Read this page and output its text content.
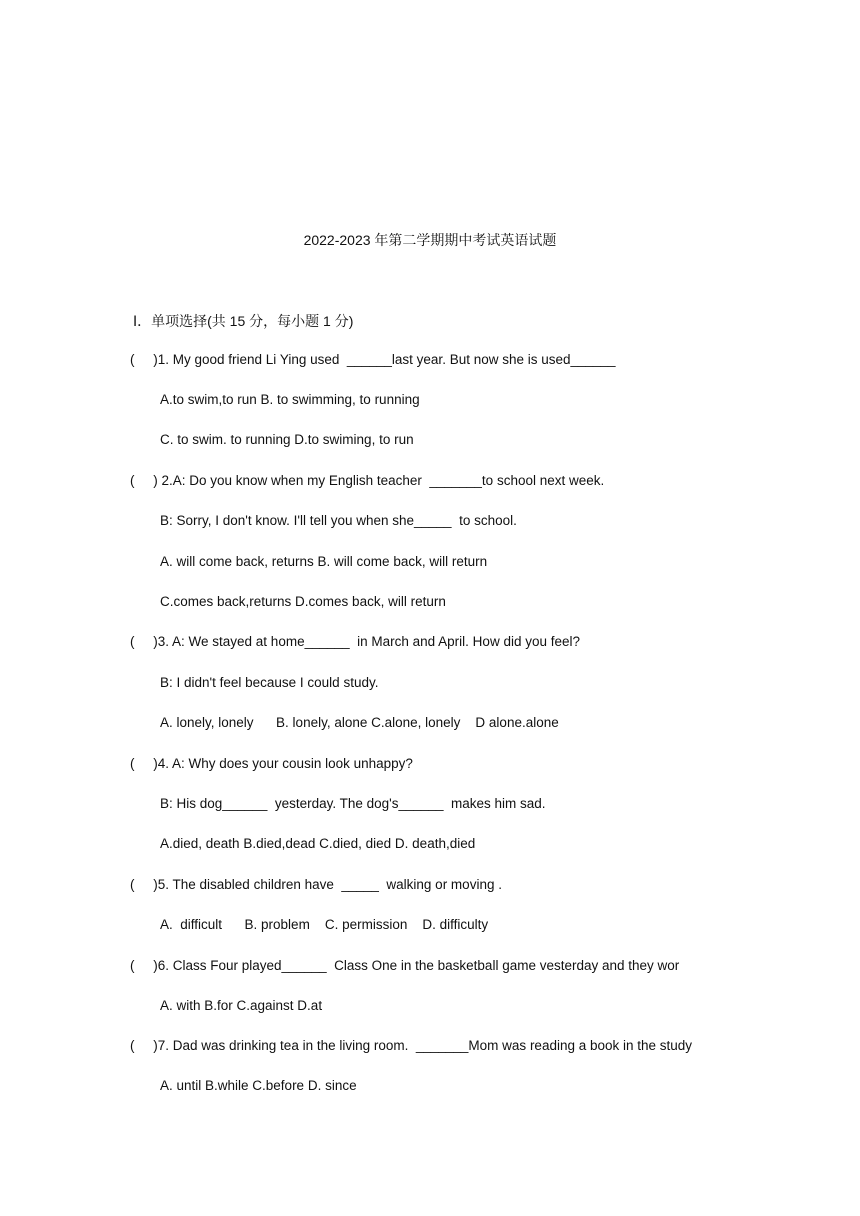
2022-2023 年第二学期期中考试英语试题
Ⅰ．单项选择(共 15 分，每小题 1 分)
(     )1. My good friend Li Ying used  ______last year. But now she is used______
A.to swim,to run B. to swimming, to running
C. to swim. to running D.to swiming, to run
(     ) 2.A: Do you know when my English teacher  _______to school next week.
B: Sorry, I don't know. I'll tell you when she_____  to school.
A. will come back, returns B. will come back, will return
C.comes back,returns D.comes back, will return
(     )3. A: We stayed at home______  in March and April. How did you feel?
B: I didn't feel because I could study.
A. lonely, lonely      B. lonely, alone C.alone, lonely    D alone.alone
(     )4. A: Why does your cousin look unhappy?
B: His dog______  yesterday. The dog's______  makes him sad.
A.died, death B.died,dead C.died, died D. death,died
(     )5. The disabled children have  _____  walking or moving .
A.  difficult      B. problem    C. permission    D. difficulty
(     )6. Class Four played______  Class One in the basketball game vesterday and they wor
A. with B.for C.against D.at
(     )7. Dad was drinking tea in the living room.  _______Mom was reading a book in the study
A. until B.while C.before D. since
